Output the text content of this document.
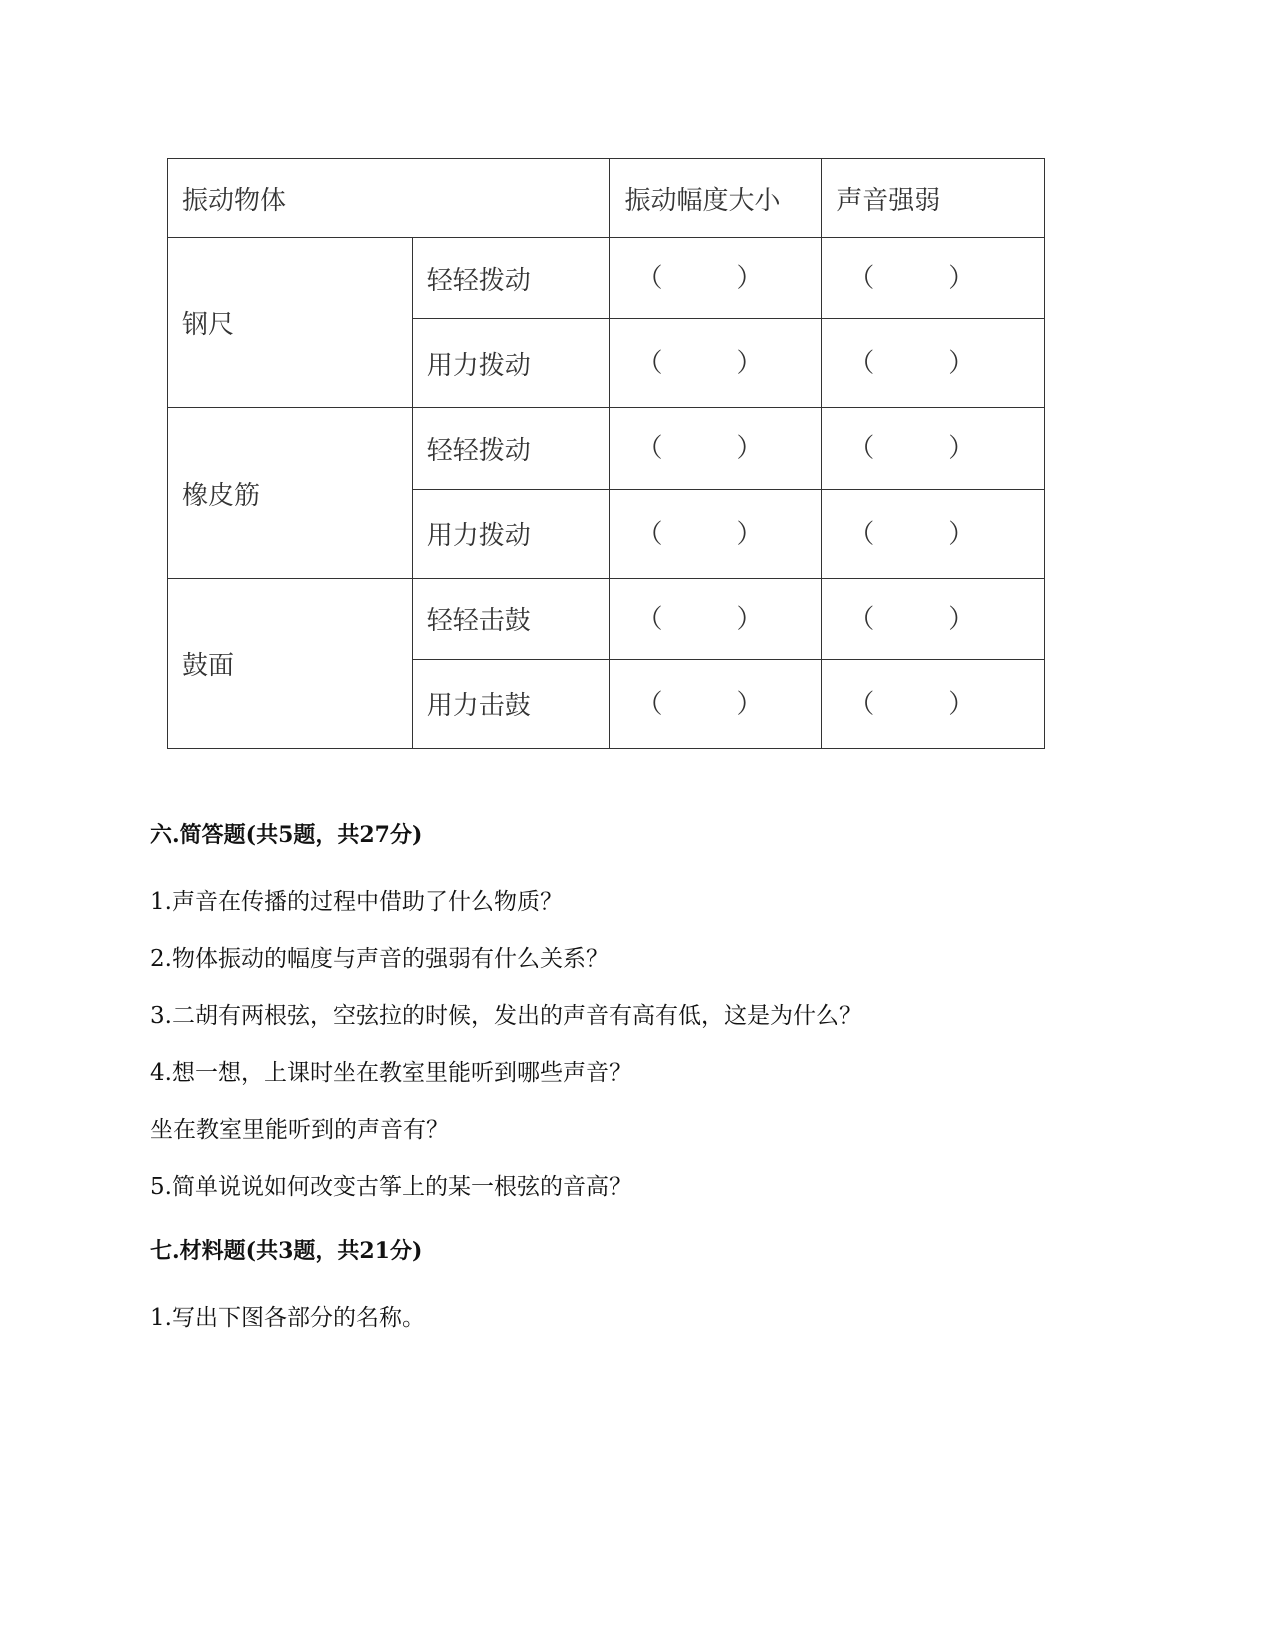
振动物体		振动幅度大小	声音强弱
钢尺	轻轻拨动	（ ）	（ ）

	用力拨动	（ ）	（ ）

橡皮筋	轻轻拨动	（ ）	（ ）

	用力拨动	（ ）	（ ）

鼓面	轻轻击鼓	（ ）	（ ）

	用力击鼓	（ ）	（ ）

六.简答题(共5题，共27分)

1.声音在传播的过程中借助了什么物质？

2.物体振动的幅度与声音的强弱有什么关系？

3.二胡有两根弦，空弦拉的时候，发出的声音有高有低，这是为什么？

4.想一想，上课时坐在教室里能听到哪些声音？

坐在教室里能听到的声音有？

5.简单说说如何改变古筝上的某一根弦的音高？

七.材料题(共3题，共21分)

1.写出下图各部分的名称。
